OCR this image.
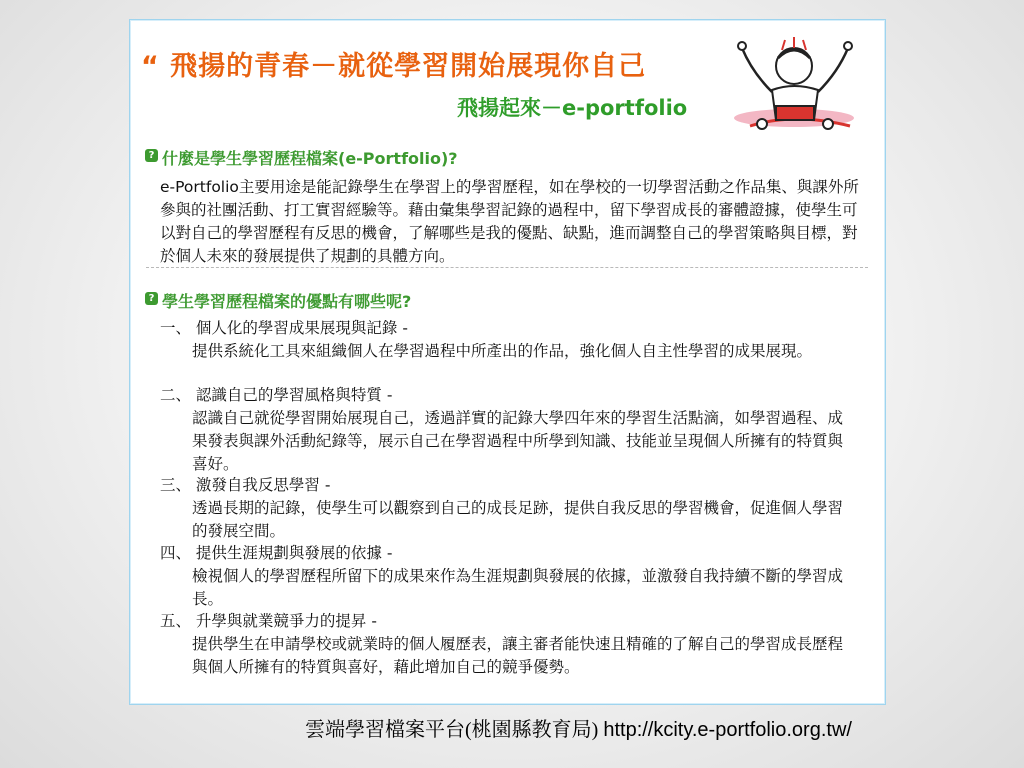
“ 飛揚的青春－就從學習開始展現你自己
飛揚起來－e-portfolio
? 什麼是學生學習歷程檔案(e-Portfolio)?

e-Portfolio主要用途是能記錄學生在學習上的學習歷程，如在學校的一切學習活動之作品集、與課外所參與的社團活動、打工實習經驗等。藉由彙集學習記錄的過程中，留下學習成長的審體證據，使學生可以對自己的學習歷程有反思的機會，了解哪些是我的優點、缺點，進而調整自己的學習策略與目標，對於個人未來的發展提供了規劃的具體方向。

? 學生學習歷程檔案的優點有哪些呢?

一、 個人化的學習成果展現與記錄 -

提供系統化工具來組織個人在學習過程中所產出的作品，強化個人自主性學習的成果展現。

二、 認識自己的學習風格與特質 -

認識自己就從學習開始展現自己，透過詳實的記錄大學四年來的學習生活點滴，如學習過程、成果發表與課外活動紀錄等，展示自己在學習過程中所學到知識、技能並呈現個人所擁有的特質與喜好。

三、 激發自我反思學習 -

透過長期的記錄，使學生可以觀察到自己的成長足跡，提供自我反思的學習機會，促進個人學習的發展空間。

四、 提供生涯規劃與發展的依據 -

檢視個人的學習歷程所留下的成果來作為生涯規劃與發展的依據，並激發自我持續不斷的學習成長。

五、 升學與就業競爭力的提昇 -

提供學生在申請學校或就業時的個人履歷表，讓主審者能快速且精確的了解自己的學習成長歷程與個人所擁有的特質與喜好，藉此增加自己的競爭優勢。

雲端學習檔案平台(桃園縣教育局) http://kcity.e-portfolio.org.tw/
